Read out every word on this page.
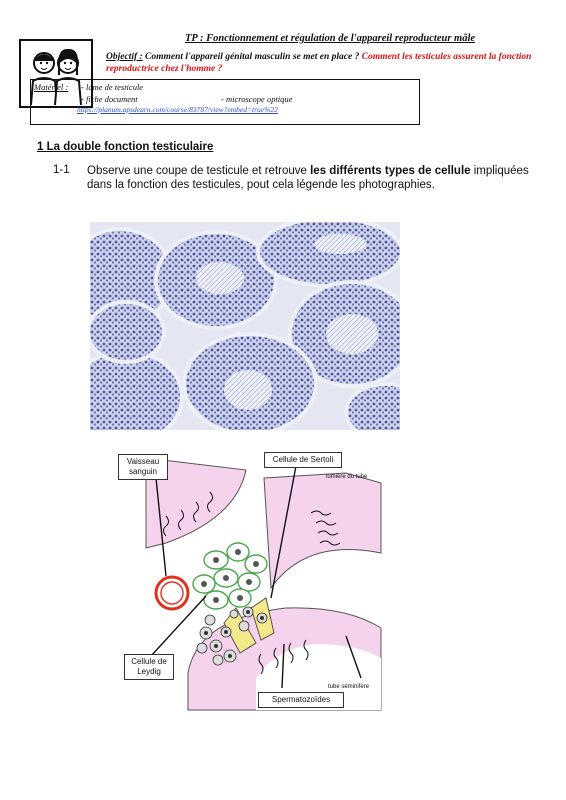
TP : Fonctionnement et régulation de l'appareil reproducteur mâle
Objectif : Comment l'appareil génital masculin se met en place ? Comment les testicules assurent la fonction reproductrice chez l'homme ?
Matériel : - lame de testicule
- fiche document	- microscope optique
https://planum.apsdearn.com/course/83787/view?embed=true%22
1 La double fonction testiculaire
1-1 Observe une coupe de testicule et retrouve les différents types de cellule impliquées dans la fonction des testicules, pout cela légende les photographies.
Vaisseau sanguin
Cellule de Sertoli
lumière du tube
Cellule de Leydig
Spermatozoïdes
tube séminifère
